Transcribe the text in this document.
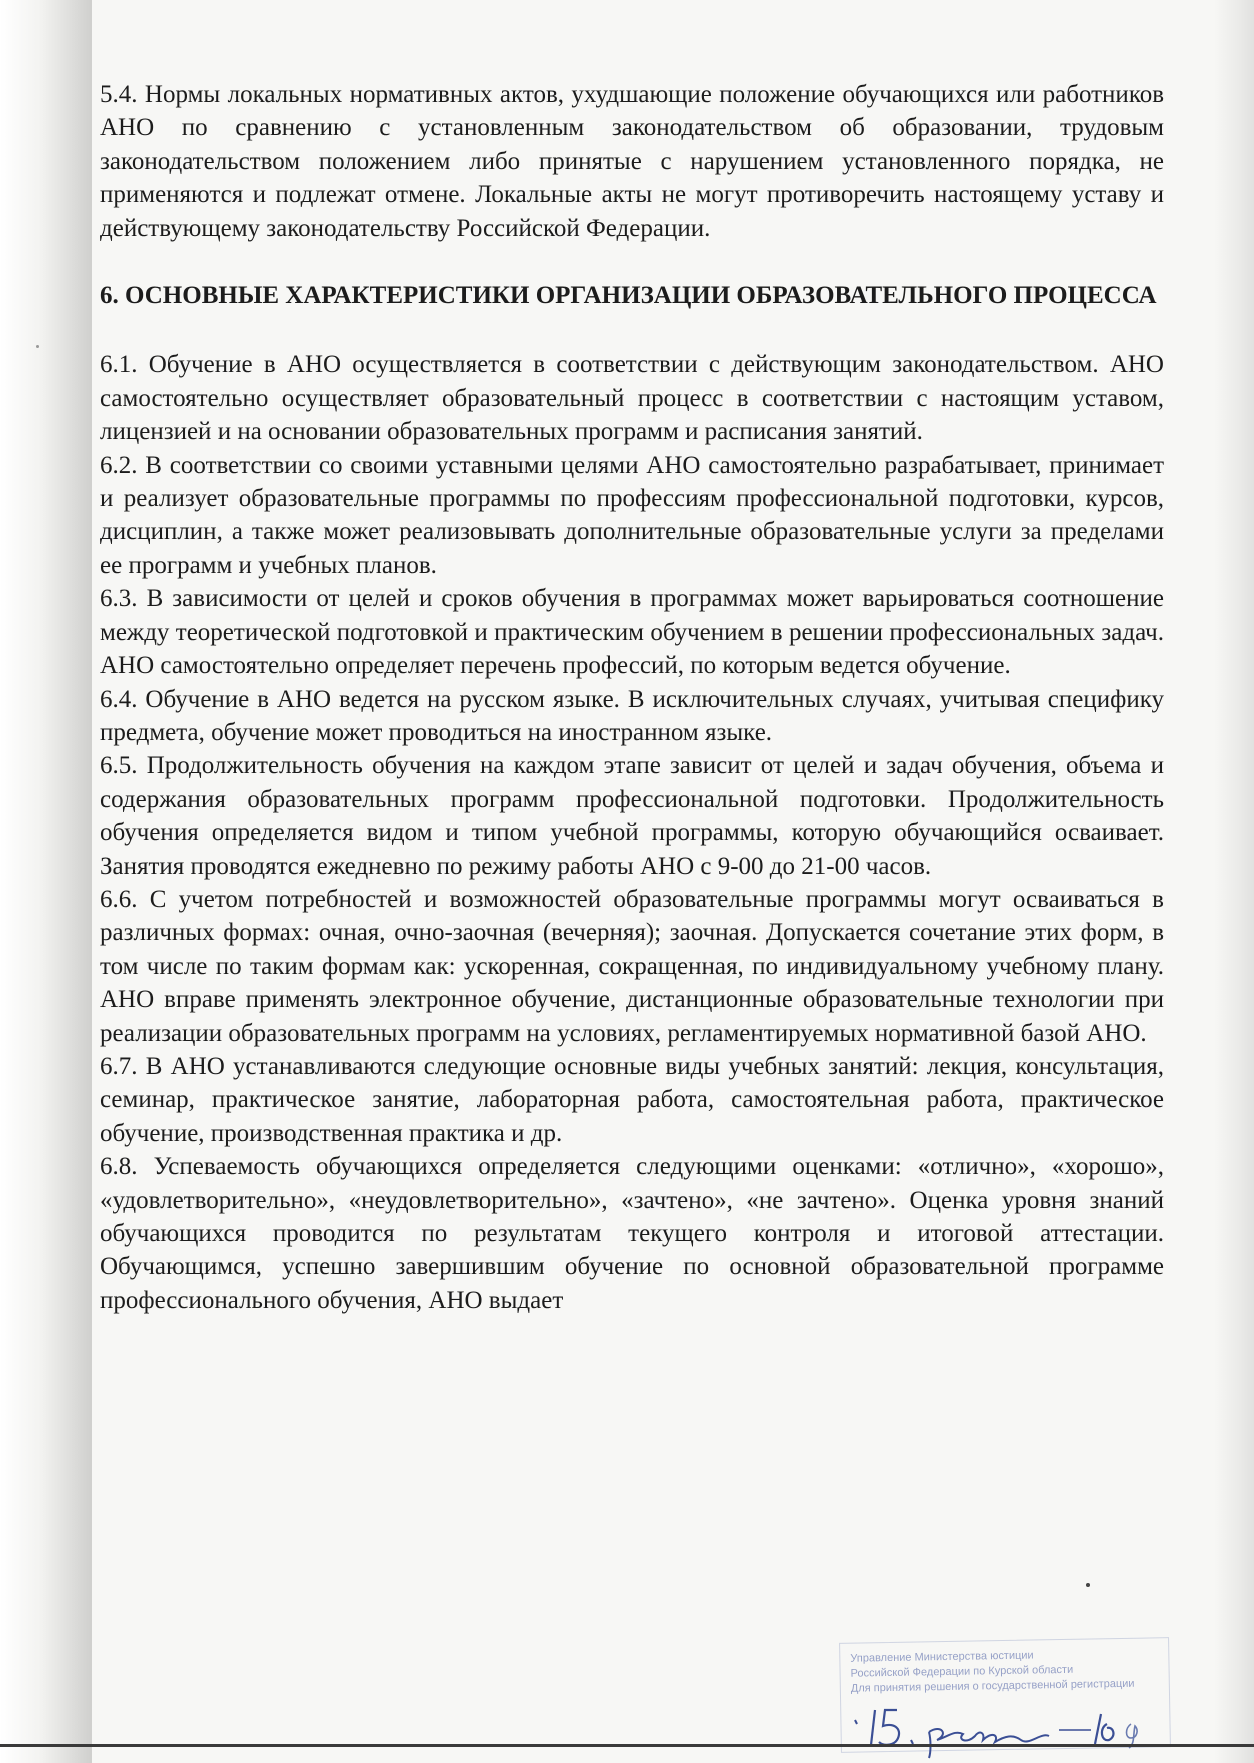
5.4. Нормы локальных нормативных актов, ухудшающие положение обучающихся или работников АНО по сравнению с установленным законодательством об образовании, трудовым законодательством положением либо принятые с нарушением установленного порядка, не применяются и подлежат отмене. Локальные акты не могут противоречить настоящему уставу и действующему законодательству Российской Федерации.

6. ОСНОВНЫЕ ХАРАКТЕРИСТИКИ ОРГАНИЗАЦИИ ОБРАЗОВАТЕЛЬНОГО ПРОЦЕССА

6.1. Обучение в АНО осуществляется в соответствии с действующим законодательством. АНО самостоятельно осуществляет образовательный процесс в соответствии с настоящим уставом, лицензией и на основании образовательных программ и расписания занятий.

6.2. В соответствии со своими уставными целями АНО самостоятельно разрабатывает, принимает и реализует образовательные программы по профессиям профессиональной подготовки, курсов, дисциплин, а также может реализовывать дополнительные образовательные услуги за пределами ее программ и учебных планов.

6.3. В зависимости от целей и сроков обучения в программах может варьироваться соотношение между теоретической подготовкой и практическим обучением в решении профессиональных задач. АНО самостоятельно определяет перечень профессий, по которым ведется обучение.

6.4. Обучение в АНО ведется на русском языке. В исключительных случаях, учитывая специфику предмета, обучение может проводиться на иностранном языке.

6.5. Продолжительность обучения на каждом этапе зависит от целей и задач обучения, объема и содержания образовательных программ профессиональной подготовки. Продолжительность обучения определяется видом и типом учебной программы, которую обучающийся осваивает. Занятия проводятся ежедневно по режиму работы АНО с 9-00 до 21-00 часов.

6.6. С учетом потребностей и возможностей образовательные программы могут осваиваться в различных формах: очная, очно-заочная (вечерняя); заочная. Допускается сочетание этих форм, в том числе по таким формам как: ускоренная, сокращенная, по индивидуальному учебному плану. АНО вправе применять электронное обучение, дистанционные образовательные технологии при реализации образовательных программ на условиях, регламентируемых нормативной базой АНО.

6.7. В АНО устанавливаются следующие основные виды учебных занятий: лекция, консультация, семинар, практическое занятие, лабораторная работа, самостоятельная работа, практическое обучение, производственная практика и др.

6.8. Успеваемость обучающихся определяется следующими оценками: «отлично», «хорошо», «удовлетворительно», «неудовлетворительно», «зачтено», «не зачтено». Оценка уровня знаний обучающихся проводится по результатам текущего контроля и итоговой аттестации. Обучающимся, успешно завершившим обучение по основной образовательной программе профессионального обучения, АНО выдает

Управление Министерства юстиции
Российской Федерации по Курской области
Для принятия решения о государственной регистрации
